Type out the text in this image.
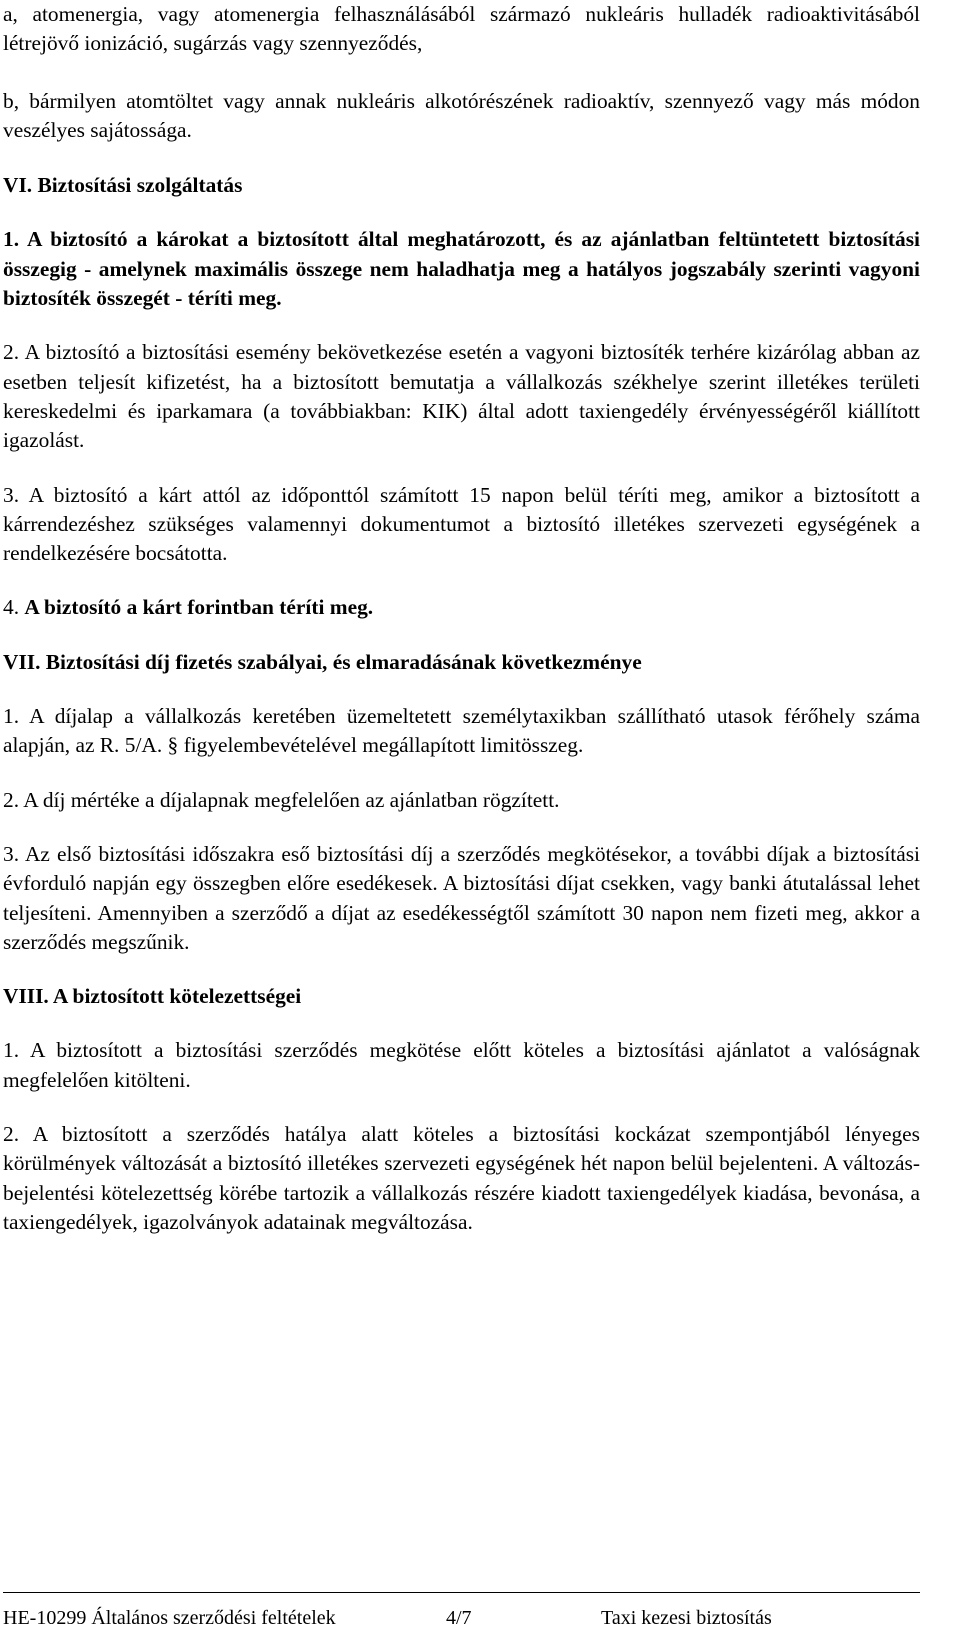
a, atomenergia, vagy atomenergia felhasználásából származó nukleáris hulladék radioaktivitásából létrejövő ionizáció, sugárzás vagy szennyeződés,

b, bármilyen atomtöltet vagy annak nukleáris alkotórészének radioaktív, szennyező vagy más módon veszélyes sajátossága.

VI. Biztosítási szolgáltatás

1. A biztosító a károkat a biztosított által meghatározott, és az ajánlatban feltüntetett biztosítási összegig - amelynek maximális összege nem haladhatja meg a hatályos jogszabály szerinti vagyoni biztosíték összegét - téríti meg.

2. A biztosító a biztosítási esemény bekövetkezése esetén a vagyoni biztosíték terhére kizárólag abban az esetben teljesít kifizetést, ha a biztosított bemutatja a vállalkozás székhelye szerint illetékes területi kereskedelmi és iparkamara (a továbbiakban: KIK) által adott taxiengedély érvényességéről kiállított igazolást.

3. A biztosító a kárt attól az időponttól számított 15 napon belül téríti meg, amikor a biztosított a kárrendezéshez szükséges valamennyi dokumentumot a biztosító illetékes szervezeti egységének a rendelkezésére bocsátotta.

4. A biztosító a kárt forintban téríti meg.

VII. Biztosítási díj fizetés szabályai, és elmaradásának következménye

1. A díjalap a vállalkozás keretében üzemeltetett személytaxikban szállítható utasok férőhely száma alapján, az R. 5/A. § figyelembevételével megállapított limitösszeg.

2. A díj mértéke a díjalapnak megfelelően az ajánlatban rögzített.

3. Az első biztosítási időszakra eső biztosítási díj a szerződés megkötésekor, a további díjak a biztosítási évforduló napján egy összegben előre esedékesek. A biztosítási díjat csekken, vagy banki átutalással lehet teljesíteni. Amennyiben a szerződő a díjat az esedékességtől számított 30 napon nem fizeti meg, akkor a szerződés megszűnik.

VIII. A biztosított kötelezettségei

1. A biztosított a biztosítási szerződés megkötése előtt köteles a biztosítási ajánlatot a valóságnak megfelelően kitölteni.

2. A biztosított a szerződés hatálya alatt köteles a biztosítási kockázat szempontjából lényeges körülmények változását a biztosító illetékes szervezeti egységének hét napon belül bejelenteni. A változás-bejelentési kötelezettség körébe tartozik a vállalkozás részére kiadott taxiengedélyek kiadása, bevonása, a taxiengedélyek, igazolványok adatainak megváltozása.

HE-10299 Általános szerződési feltételek	4/7	Taxi kezesi biztosítás
